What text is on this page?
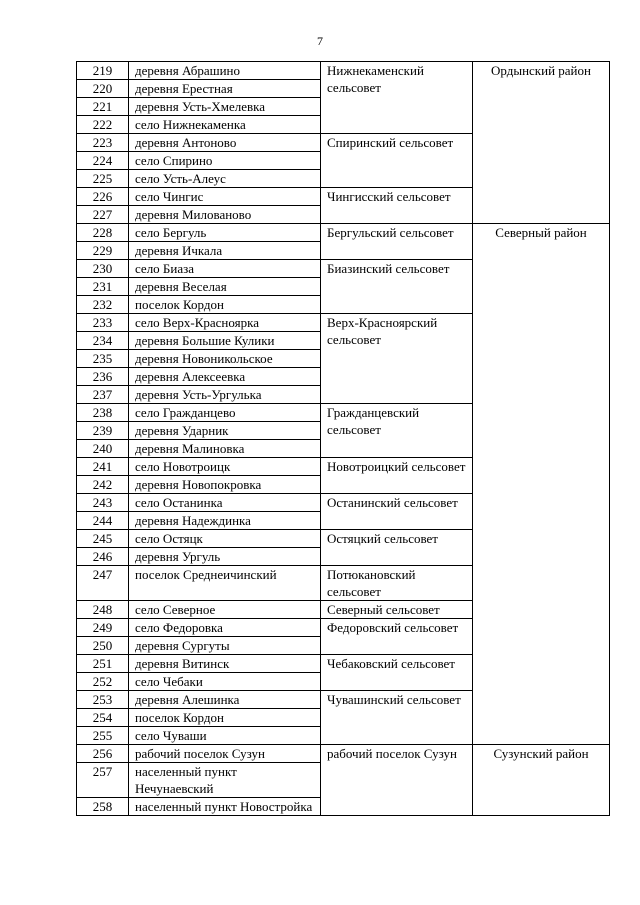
7
219	деревня Абрашино	Нижнекаменский сельсовет	Ордынский район
220	деревня Ерестная		
221	деревня Усть-Хмелевка		
222	село Нижнекаменка		
223	деревня Антоново	Спиринский сельсовет	
224	село Спирино		
225	село Усть-Алеус		
226	село Чингис	Чингисский сельсовет	
227	деревня Милованово		
228	село Бергуль	Бергульский сельсовет	Северный район
229	деревня Ичкала		
230	село Биаза	Биазинский сельсовет	
231	деревня Веселая		
232	поселок Кордон		
233	село Верх-Красноярка	Верх-Красноярский сельсовет	
234	деревня Большие Кулики		
235	деревня Новоникольское		
236	деревня Алексеевка		
237	деревня Усть-Ургулька		
238	село Гражданцево	Гражданцевский сельсовет	
239	деревня Ударник		
240	деревня Малиновка		
241	село Новотроицк	Новотроицкий сельсовет	
242	деревня Новопокровка		
243	село Останинка	Останинский сельсовет	
244	деревня Надеждинка		
245	село Остяцк	Остяцкий сельсовет	
246	деревня Ургуль		
247	поселок Среднеичинский	Потюкановский сельсовет	
248	село Северное	Северный сельсовет	
249	село Федоровка	Федоровский сельсовет	
250	деревня Сургуты		
251	деревня Витинск	Чебаковский сельсовет	
252	село Чебаки		
253	деревня Алешинка	Чувашинский сельсовет	
254	поселок Кордон		
255	село Чуваши		
256	рабочий поселок Сузун	рабочий поселок Сузун	Сузунский район
257	населенный пункт Нечунаевский		
258	населенный пункт Новостройка		
